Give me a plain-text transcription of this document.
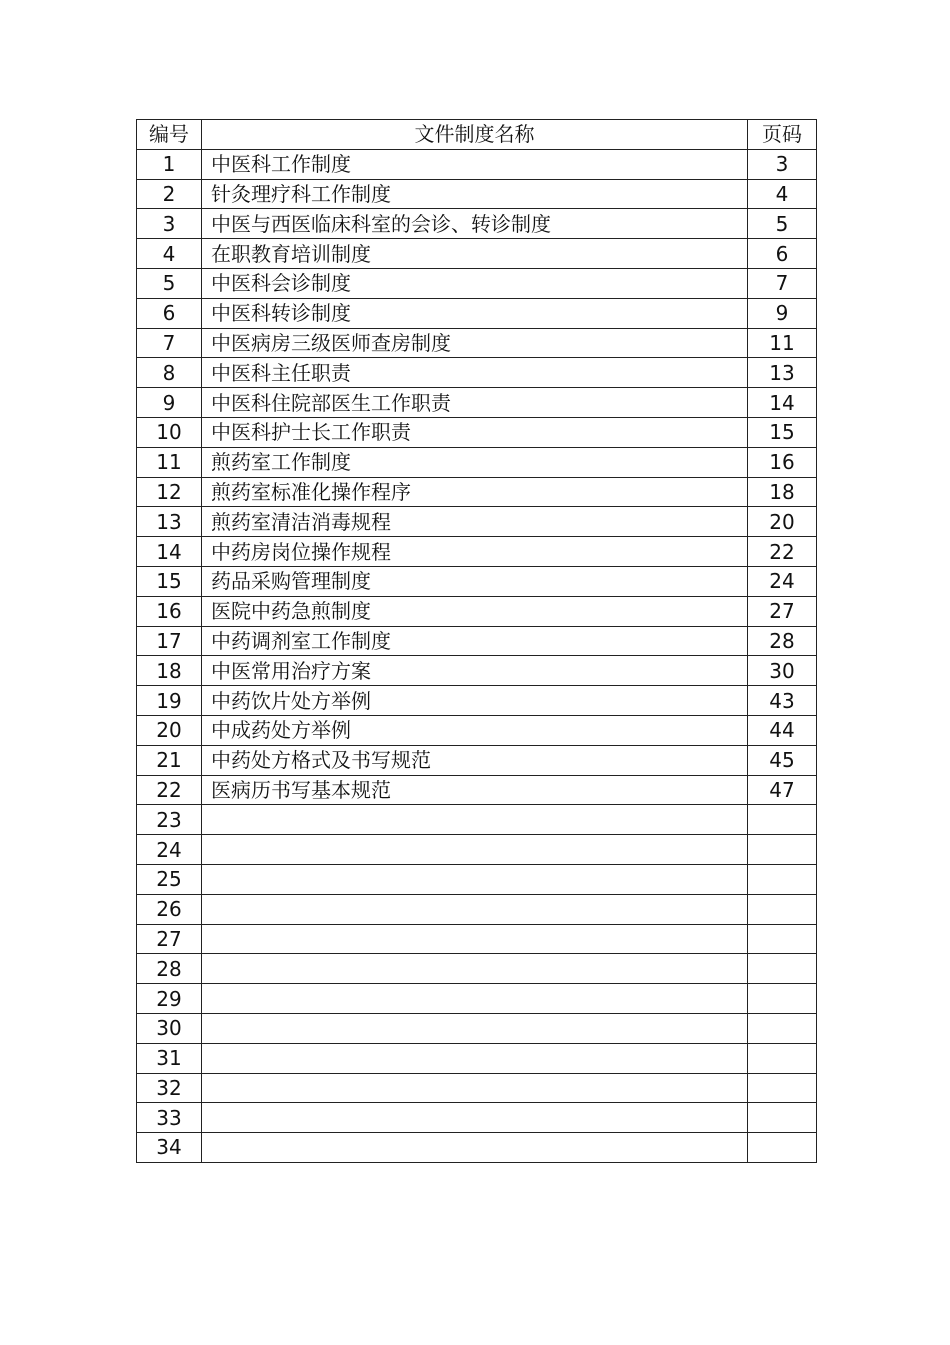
编号	文件制度名称	页码
1	中医科工作制度	3
2	针灸理疗科工作制度	4
3	中医与西医临床科室的会诊、转诊制度	5
4	在职教育培训制度	6
5	中医科会诊制度	7
6	中医科转诊制度	9
7	中医病房三级医师查房制度	11
8	中医科主任职责	13
9	中医科住院部医生工作职责	14
10	中医科护士长工作职责	15
11	煎药室工作制度	16
12	煎药室标准化操作程序	18
13	煎药室清洁消毒规程	20
14	中药房岗位操作规程	22
15	药品采购管理制度	24
16	医院中药急煎制度	27
17	中药调剂室工作制度	28
18	中医常用治疗方案	30
19	中药饮片处方举例	43
20	中成药处方举例	44
21	中药处方格式及书写规范	45
22	医病历书写基本规范	47
23		
24		
25		
26		
27		
28		
29		
30		
31		
32		
33		
34		
